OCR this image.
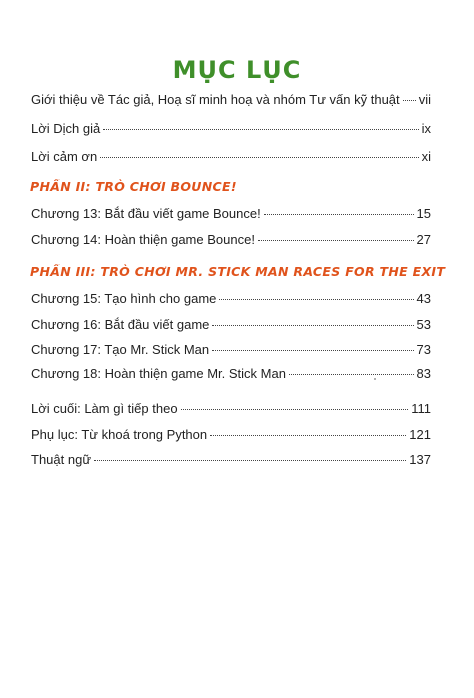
MỤC LỤC
Giới thiệu về Tác giả, Hoạ sĩ minh hoạ và nhóm Tư vấn kỹ thuật vii
Lời Dịch giả	ix
Lời cảm ơn	xi
PHẦN II: TRÒ CHƠI BOUNCE!
Chương 13: Bắt đầu viết game Bounce!	15
Chương 14: Hoàn thiện game Bounce!	27
PHẦN III: TRÒ CHƠI MR. STICK MAN RACES FOR THE EXIT
Chương 15: Tạo hình cho game	43
Chương 16: Bắt đầu viết game	53
Chương 17: Tạo Mr. Stick Man	73
Chương 18: Hoàn thiện game Mr. Stick Man	83
Lời cuối: Làm gì tiếp theo	111
Phụ lục: Từ khoá trong Python	121
Thuật ngữ	137
